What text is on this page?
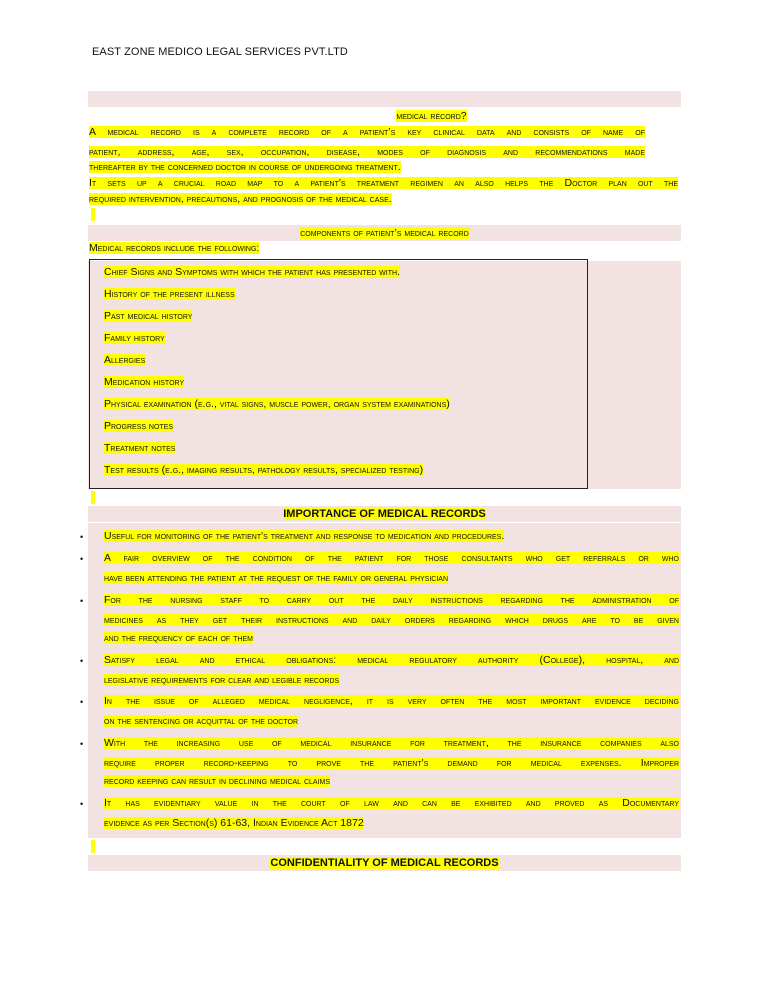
EAST ZONE MEDICO LEGAL SERVICES PVT.LTD
medical record?
A medical record is a complete record of a patient’s key clinical data and consists of name of
patient, address, age, sex, occupation, disease, modes of diagnosis and recommendations made
thereafter by the concerned doctor in course of undergoing treatment.
It sets up a crucial road map to a patient's treatment regimen an also helps the Doctor plan out the
required intervention, precautions, and prognosis of the medical case.
components of patient’s medical record
Medical records include the following:
Chief Signs and Symptoms with which the patient has presented with.
History of the present illness
Past medical history
Family history
Allergies
Medication history
Physical examination (e.g., vital signs, muscle power, organ system examinations)
Progress notes
Treatment notes
Test results (e.g., imaging results, pathology results, specialized testing)
IMPORTANCE OF MEDICAL RECORDS
• Useful for monitoring of the patient's treatment and response to medication and procedures.
• A fair overview of the condition of the patient for those consultants who get referrals or who
have been attending the patient at the request of the family or general physician
• For the nursing staff to carry out the daily instructions regarding the administration of
medicines as they get their instructions and daily orders regarding which drugs are to be given
and the frequency of each of them
• Satisfy legal and ethical obligations: medical regulatory authority (College), hospital, and
legislative requirements for clear and legible records
• In the issue of alleged medical negligence, it is very often the most important evidence deciding
on the sentencing or acquittal of the doctor
• With the increasing use of medical insurance for treatment, the insurance companies also
require proper record-keeping to prove the patient's demand for medical expenses. Improper
record keeping can result in declining medical claims
• It has evidentiary value in the court of law and can be exhibited and proved as Documentary
evidence as per Section(s) 61-63, Indian Evidence Act 1872
CONFIDENTIALITY OF MEDICAL RECORDS
